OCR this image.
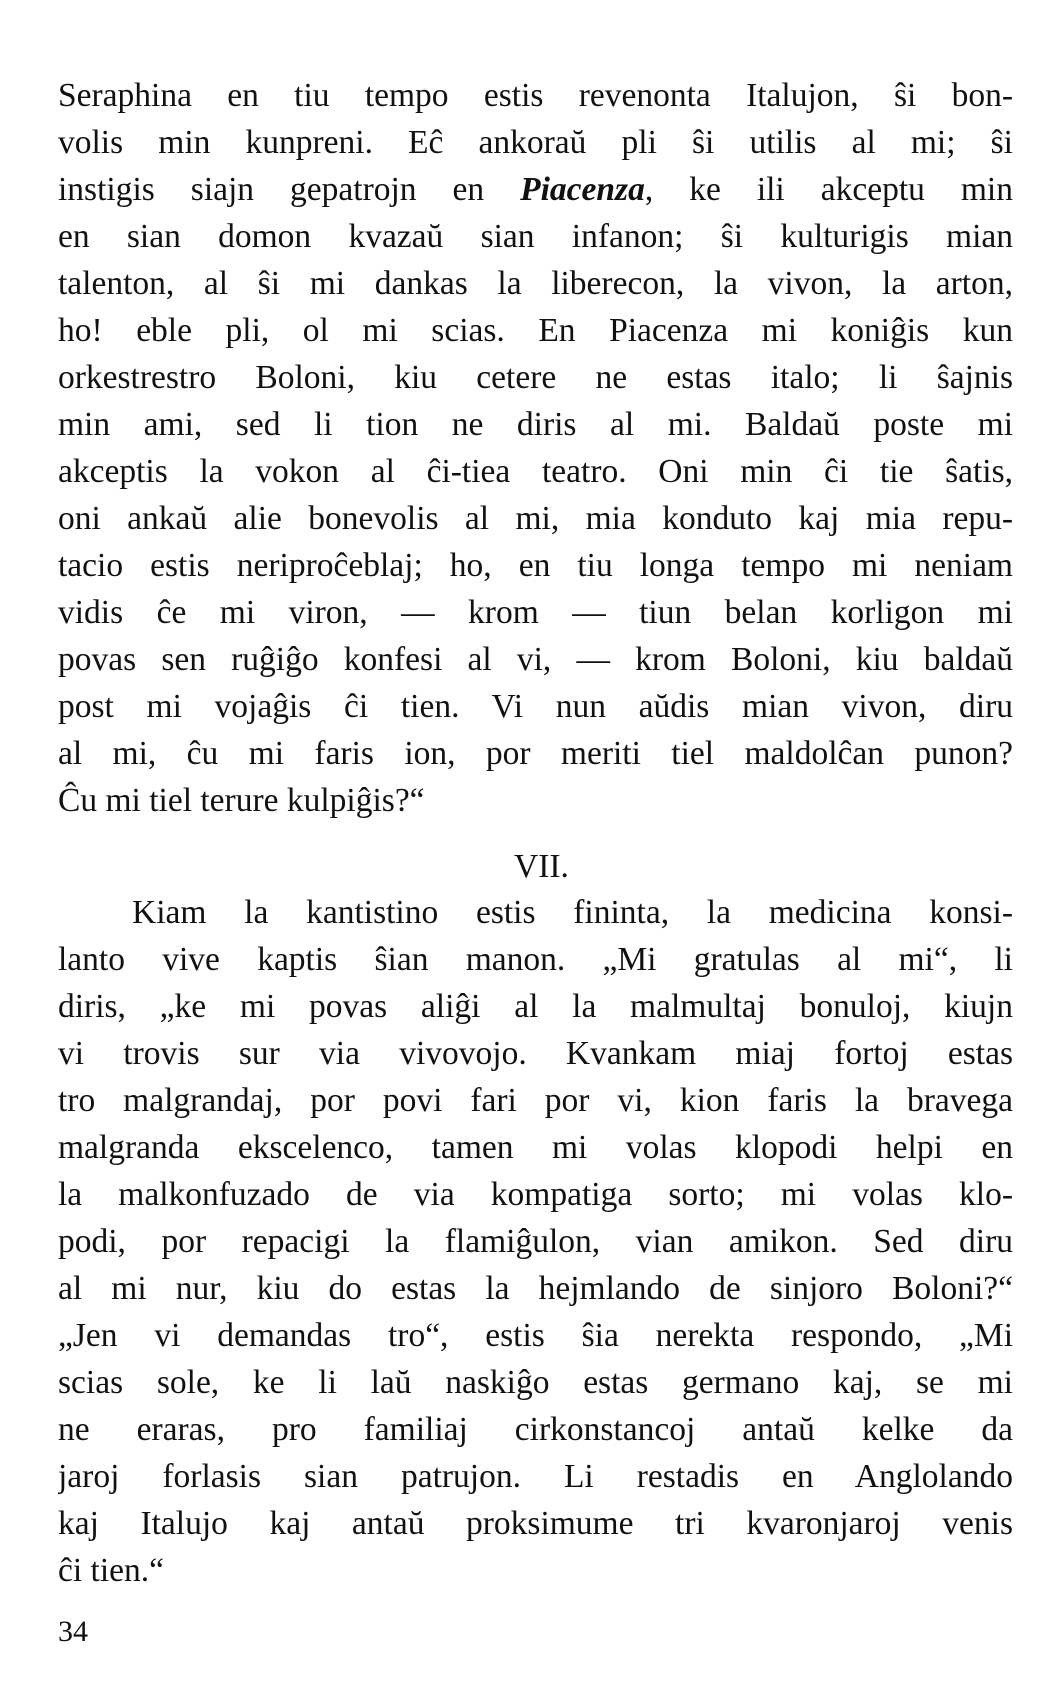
Seraphina en tiu tempo estis revenonta Italujon, ŝi bon-
volis min kunpreni. Eĉ ankoraŭ pli ŝi utilis al mi; ŝi
instigis siajn gepatrojn en Piacenza, ke ili akceptu min
en sian domon kvazaŭ sian infanon; ŝi kulturigis mian
talenton, al ŝi mi dankas la liberecon, la vivon, la arton,
ho! eble pli, ol mi scias. En Piacenza mi koniĝis kun
orkestrestro Boloni, kiu cetere ne estas italo; li ŝajnis
min ami, sed li tion ne diris al mi. Baldaŭ poste mi
akceptis la vokon al ĉi-tiea teatro. Oni min ĉi tie ŝatis,
oni ankaŭ alie bonevolis al mi, mia konduto kaj mia repu-
tacio estis neriproĉeblaj; ho, en tiu longa tempo mi neniam
vidis ĉe mi viron, — krom — tiun belan korligon mi
povas sen ruĝiĝo konfesi al vi, — krom Boloni, kiu baldaŭ
post mi vojaĝis ĉi tien. Vi nun aŭdis mian vivon, diru
al mi, ĉu mi faris ion, por meriti tiel maldolĉan punon?
Ĉu mi tiel terure kulpiĝis?“
VII.
Kiam la kantistino estis fininta, la medicina konsi-
lanto vive kaptis ŝian manon. „Mi gratulas al mi“, li
diris, „ke mi povas aliĝi al la malmultaj bonuloj, kiujn
vi trovis sur via vivovojo. Kvankam miaj fortoj estas
tro malgrandaj, por povi fari por vi, kion faris la bravega
malgranda ekscelenco, tamen mi volas klopodi helpi en
la malkonfuzado de via kompatiga sorto; mi volas klo-
podi, por repacigi la flamiĝulon, vian amikon. Sed diru
al mi nur, kiu do estas la hejmlando de sinjoro Boloni?“
„Jen vi demandas tro“, estis ŝia nerekta respondo, „Mi
scias sole, ke li laŭ naskiĝo estas germano kaj, se mi
ne eraras, pro familiaj cirkonstancoj antaŭ kelke da
jaroj forlasis sian patrujon. Li restadis en Anglolando
kaj Italujo kaj antaŭ proksimume tri kvaronjaroj venis
ĉi tien.“
34
